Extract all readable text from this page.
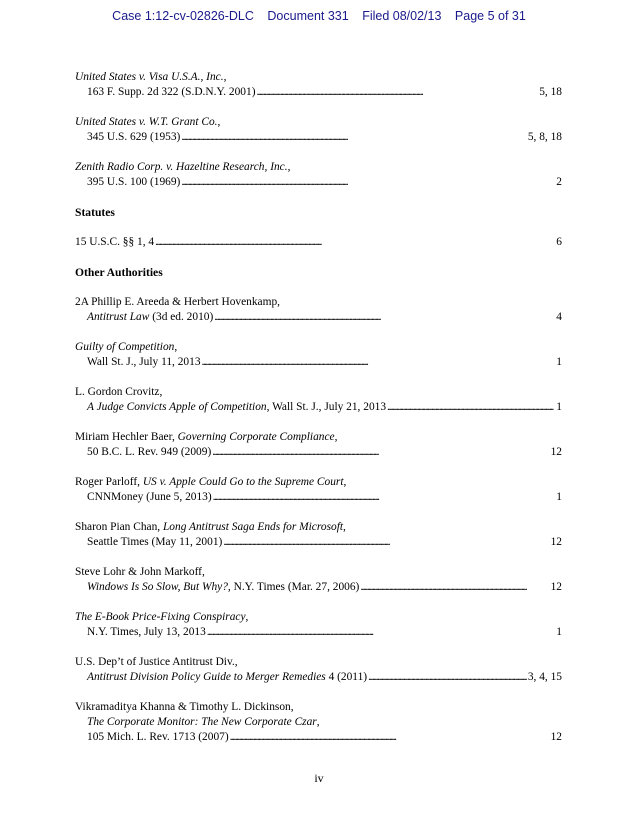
Case 1:12-cv-02826-DLC Document 331 Filed 08/02/13 Page 5 of 31
United States v. Visa U.S.A., Inc.,
163 F. Supp. 2d 322 (S.D.N.Y. 2001) . . .	5, 18
United States v. W.T. Grant Co.,
345 U.S. 629 (1953) . . .	5, 8, 18
Zenith Radio Corp. v. Hazeltine Research, Inc.,
395 U.S. 100 (1969) . . .	2
Statutes
15 U.S.C. §§ 1, 4 . . .	6
Other Authorities
2A Phillip E. Areeda & Herbert Hovenkamp,
Antitrust Law (3d ed. 2010) . . .	4
Guilty of Competition,
Wall St. J., July 11, 2013 . . .	1
L. Gordon Crovitz,
A Judge Convicts Apple of Competition, Wall St. J., July 21, 2013 . . .	1
Miriam Hechler Baer, Governing Corporate Compliance,
50 B.C. L. Rev. 949 (2009) . . .	12
Roger Parloff, US v. Apple Could Go to the Supreme Court,
CNNMoney (June 5, 2013) . . .	1
Sharon Pian Chan, Long Antitrust Saga Ends for Microsoft,
Seattle Times (May 11, 2001) . . .	12
Steve Lohr & John Markoff,
Windows Is So Slow, But Why?, N.Y. Times (Mar. 27, 2006) . . .	12
The E-Book Price-Fixing Conspiracy,
N.Y. Times, July 13, 2013 . . .	1
U.S. Dep’t of Justice Antitrust Div.,
Antitrust Division Policy Guide to Merger Remedies 4 (2011) . . .	3, 4, 15
Vikramaditya Khanna & Timothy L. Dickinson,
The Corporate Monitor: The New Corporate Czar,
105 Mich. L. Rev. 1713 (2007) . . .	12
iv
